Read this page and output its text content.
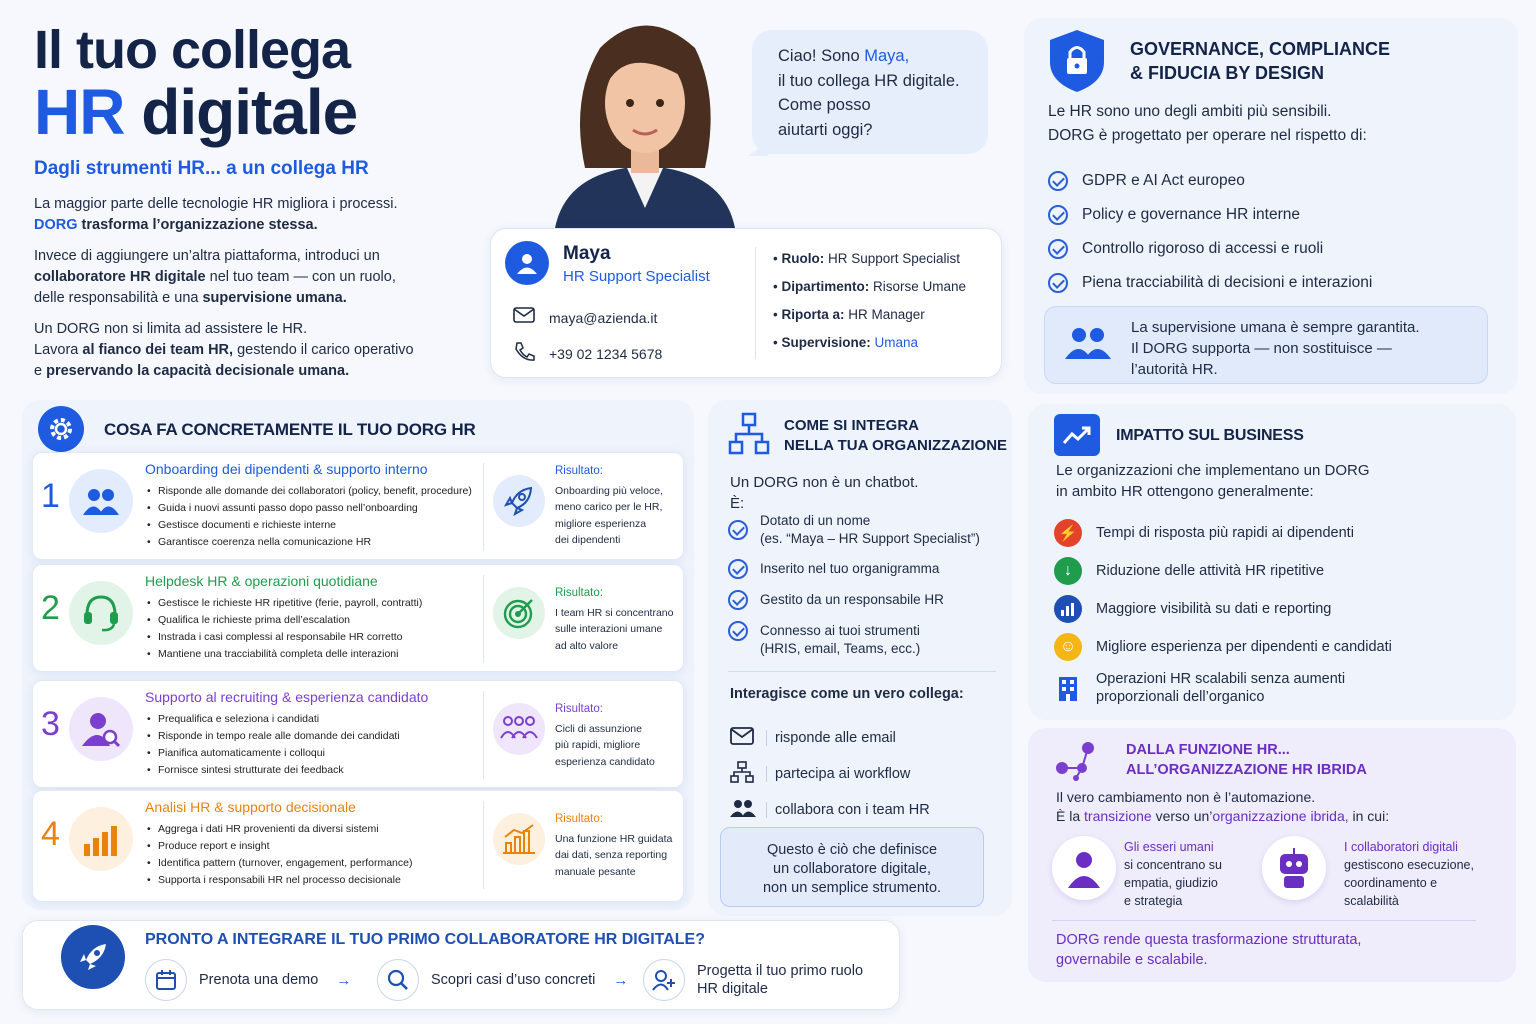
Il tuo collega
HR digitale
Dagli strumenti HR... a un collega HR
La maggior parte delle tecnologie HR migliora i processi.
DORG trasforma l’organizzazione stessa.
Invece di aggiungere un’altra piattaforma, introduci un
collaboratore HR digitale nel tuo team — con un ruolo,
delle responsabilità e una supervisione umana.
Un DORG non si limita ad assistere le HR.
Lavora al fianco dei team HR, gestendo il carico operativo
e preservando la capacità decisionale umana.
Ciao! Sono Maya,
il tuo collega HR digitale.
Come posso
aiutarti oggi?
Maya
HR Support Specialist
maya@azienda.it
+39 02 1234 5678
• Ruolo: HR Support Specialist
• Dipartimento: Risorse Umane
• Riporta a: HR Manager
• Supervisione: Umana
GOVERNANCE, COMPLIANCE
& FIDUCIA BY DESIGN
Le HR sono uno degli ambiti più sensibili.
DORG è progettato per operare nel rispetto di:
GDPR e AI Act europeo
Policy e governance HR interne
Controllo rigoroso di accessi e ruoli
Piena tracciabilità di decisioni e interazioni
La supervisione umana è sempre garantita.
Il DORG supporta — non sostituisce —
l’autorità HR.
COSA FA CONCRETAMENTE IL TUO DORG HR
1
Onboarding dei dipendenti & supporto interno
• Risponde alle domande dei collaboratori (policy, benefit, procedure)
• Guida i nuovi assunti passo dopo passo nell’onboarding
• Gestisce documenti e richieste interne
• Garantisce coerenza nella comunicazione HR
Risultato:
Onboarding più veloce,
meno carico per le HR,
migliore esperienza
dei dipendenti
2
Helpdesk HR & operazioni quotidiane
• Gestisce le richieste HR ripetitive (ferie, payroll, contratti)
• Qualifica le richieste prima dell’escalation
• Instrada i casi complessi al responsabile HR corretto
• Mantiene una tracciabilità completa delle interazioni
Risultato:
I team HR si concentrano
sulle interazioni umane
ad alto valore
3
Supporto al recruiting & esperienza candidato
• Prequalifica e seleziona i candidati
• Risponde in tempo reale alle domande dei candidati
• Pianifica automaticamente i colloqui
• Fornisce sintesi strutturate dei feedback
Risultato:
Cicli di assunzione
più rapidi, migliore
esperienza candidato
4
Analisi HR & supporto decisionale
• Aggrega i dati HR provenienti da diversi sistemi
• Produce report e insight
• Identifica pattern (turnover, engagement, performance)
• Supporta i responsabili HR nel processo decisionale
Risultato:
Una funzione HR guidata
dai dati, senza reporting
manuale pesante
COME SI INTEGRA
NELLA TUA ORGANIZZAZIONE
Un DORG non è un chatbot.
È:
Dotato di un nome
(es. “Maya – HR Support Specialist”)
Inserito nel tuo organigramma
Gestito da un responsabile HR
Connesso ai tuoi strumenti
(HRIS, email, Teams, ecc.)
Interagisce come un vero collega:
risponde alle email
partecipa ai workflow
collabora con i team HR
Questo è ciò che definisce
un collaboratore digitale,
non un semplice strumento.
IMPATTO SUL BUSINESS
Le organizzazioni che implementano un DORG
in ambito HR ottengono generalmente:
⚡	Tempi di risposta più rapidi ai dipendenti
↓	Riduzione delle attività HR ripetitive
Maggiore visibilità su dati e reporting
☺	Migliore esperienza per dipendenti e candidati
Operazioni HR scalabili senza aumenti
proporzionali dell’organico
DALLA FUNZIONE HR...
ALL’ORGANIZZAZIONE HR IBRIDA
Il vero cambiamento non è l’automazione.
È la transizione verso un’organizzazione ibrida, in cui:
Gli esseri umani
si concentrano su
empatia, giudizio
e strategia
I collaboratori digitali
gestiscono esecuzione,
coordinamento e
scalabilità
DORG rende questa trasformazione strutturata,
governabile e scalabile.
PRONTO A INTEGRARE IL TUO PRIMO COLLABORATORE HR DIGITALE?
Prenota una demo →	Scopri casi d’uso concreti →
Progetta il tuo primo ruolo
HR digitale
